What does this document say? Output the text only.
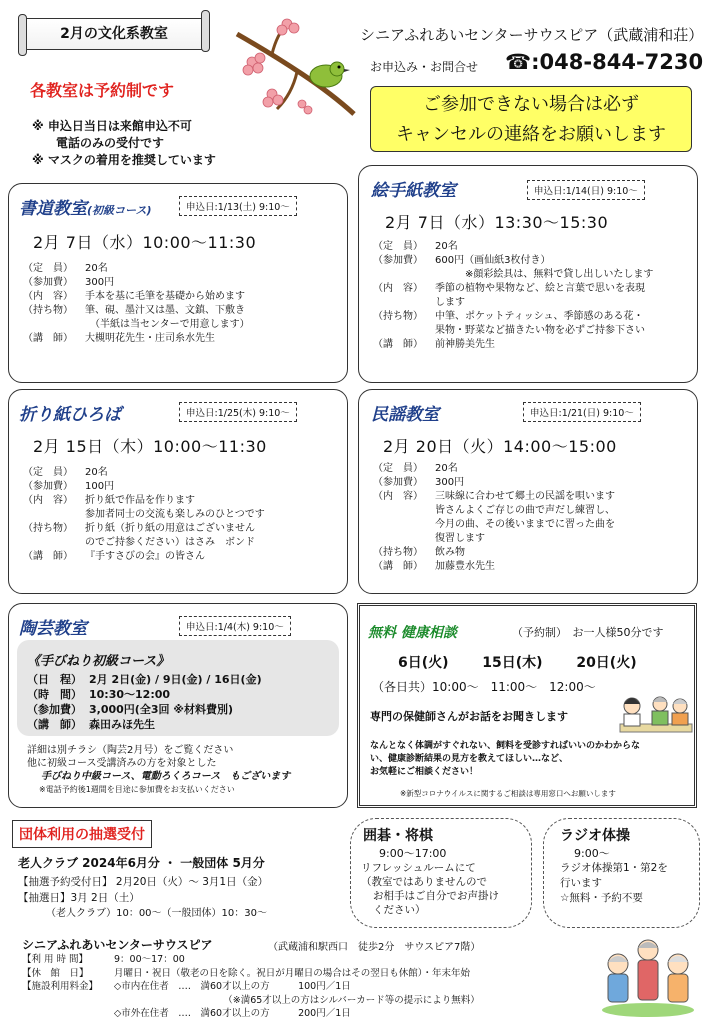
2月の文化系教室
各教室は予約制です
※ 申込日当日は来館申込不可
　　電話のみの受付です
※ マスクの着用を推奨しています
シニアふれあいセンターサウスピア（武蔵浦和荘）
お申込み・お問合せ ☎:048-844-7230
ご参加できない場合は必ず
キャンセルの連絡をお願いします
書道教室(初級コース)	申込日:1/13(土) 9:10～
2月 7日（水）10:00～11:30
（定　員）	20名
（参加費）	300円
（内　容）	手本を基に毛筆を基礎から始めます
（持ち物）	筆、硯、墨汁又は墨、文鎮、下敷き
　（半紙は当センターで用意します）
（講　師）	大槻明花先生・庄司糸水先生
絵手紙教室	申込日:1/14(日) 9:10～
2月 7日（水）13:30～15:30
（定　員）	20名
（参加費）	600円（画仙紙3枚付き）
　　　※顔彩絵具は、無料で貸し出しいたします
（内　容）	季節の植物や果物など、絵と言葉で思いを表現
します
（持ち物）	中筆、ポケットティッシュ、季節感のある花・
果物・野菜など描きたい物を必ずご持参下さい
（講　師）	前神勝美先生
折り紙ひろば	申込日:1/25(木) 9:10～
2月 15日（木）10:00～11:30
（定　員）	20名
（参加費）	100円
（内　容）	折り紙で作品を作ります
参加者同士の交流も楽しみのひとつです
（持ち物）	折り紙（折り紙の用意はございません
のでご持参ください）はさみ　ボンド
（講　師）	『手すさびの会』の皆さん
民謡教室	申込日:1/21(日) 9:10～
2月 20日（火）14:00～15:00
（定　員）	20名
（参加費）	300円
（内　容）	三味線に合わせて郷土の民謡を唄います
皆さんよくご存じの曲で声だし練習し、
今月の曲、その後いままでに習った曲を
復習します
（持ち物）	飲み物
（講　師）	加藤豊水先生
陶芸教室	申込日:1/4(木) 9:10～
《手びねり初級コース》
（日　程） 2月 2日(金) / 9日(金) / 16日(金)
（時　間） 10:30～12:00
（参加費） 3,000円(全3回 ※材料費別)
（講　師） 森田みほ先生
詳細は別チラシ（陶芸2月号）をご覧ください
他に初級コース受講済みの方を対象とした
手びねり中級コース、電動ろくろコース　もございます
※電話予約後1週間を目途に参加費をお支払いください
無料 健康相談	（予約制）　お一人様50分です
6日(火) 15日(木) 20日(火)
（各日共）10:00～　11:00～　12:00～
専門の保健師さんがお話をお聞きします
なんとなく体調がすぐれない、飼料を受診すればいいのかわからな
い、健康診断結果の見方を教えてほしい…など、
お気軽にご相談ください！
※新型コロナウイルスに関するご相談は専用窓口へお願いします
団体利用の抽選受付
老人クラブ 2024年6月分 ・ 一般団体 5月分
【抽選予約受付日】 2月20日（火）～ 3月1日（金）
【抽選日】3月 2日（土）
（老人クラブ）10：00～（一般団体）10：30～
囲碁・将棋
9:00～17:00
リフレッシュルームにて
（教室ではありませんので
お相手はご自分でお声掛け
ください）
ラジオ体操
9:00～
ラジオ体操第1・第2を
行います
☆無料・予約不要
シニアふれあいセンターサウスピア	（武蔵浦和駅西口　徒歩2分　サウスピア7階）
【利 用 時 間】	9：00～17：00
【休　館　日】	月曜日・祝日（敬老の日を除く。祝日が月曜日の場合はその翌日も休館）・年末年始
【施設利用料金】	◇市内在住者　‥‥　満60才以上の方　　　100円／1日
　　　　　　　　　　　　（※満65才以上の方はシルバーカード等の提示により無料）
◇市外在住者　‥‥　満60才以上の方　　　200円／1日
